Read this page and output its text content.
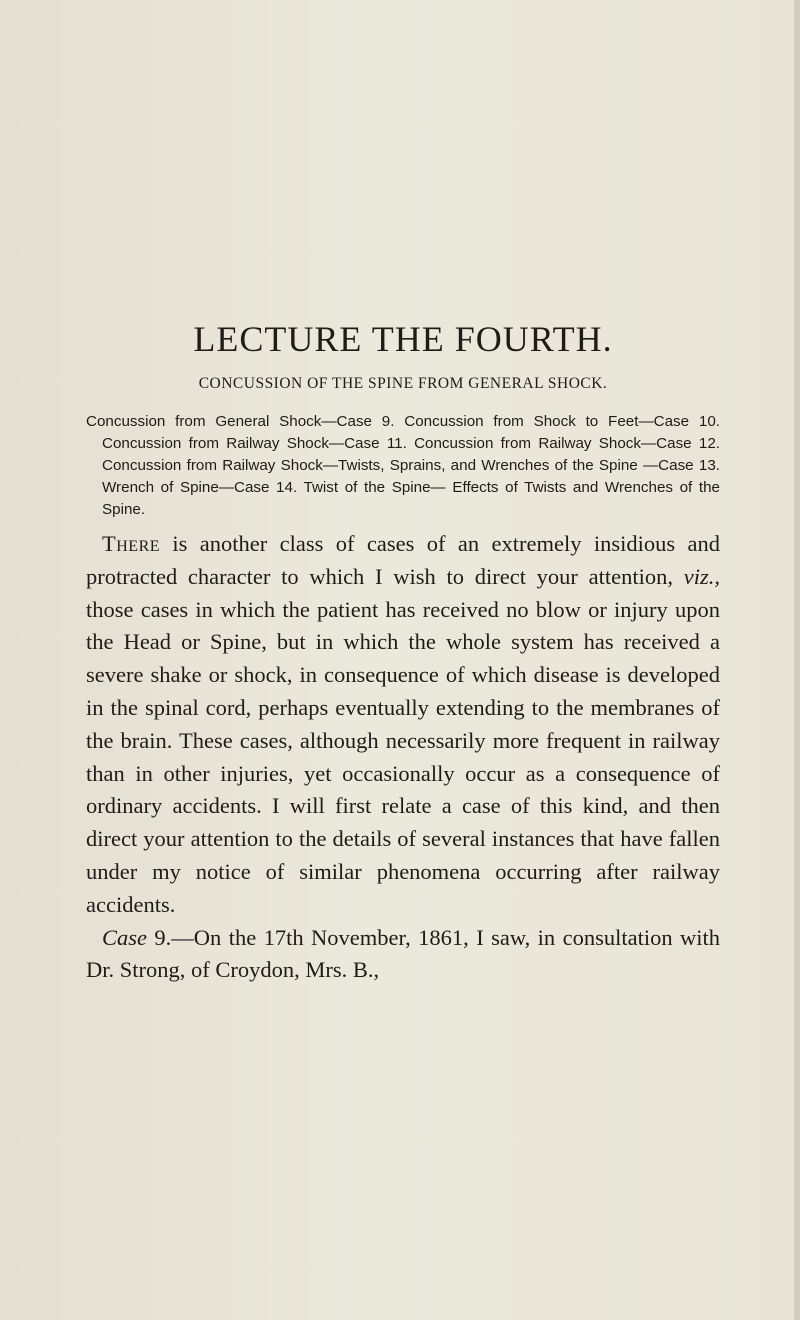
LECTURE THE FOURTH.
CONCUSSION OF THE SPINE FROM GENERAL SHOCK.
Concussion from General Shock—Case 9. Concussion from Shock to Feet—Case 10. Concussion from Railway Shock—Case 11. Concussion from Railway Shock—Case 12. Concussion from Railway Shock—Twists, Sprains, and Wrenches of the Spine —Case 13. Wrench of Spine—Case 14. Twist of the Spine— Effects of Twists and Wrenches of the Spine.

There is another class of cases of an extremely insidious and protracted character to which I wish to direct your attention, viz., those cases in which the patient has received no blow or injury upon the Head or Spine, but in which the whole system has received a severe shake or shock, in consequence of which disease is developed in the spinal cord, perhaps eventually extending to the membranes of the brain. These cases, although necessarily more frequent in railway than in other injuries, yet occasionally occur as a consequence of ordinary accidents. I will first relate a case of this kind, and then direct your attention to the details of several instances that have fallen under my notice of similar phenomena occurring after railway accidents.

Case 9.—On the 17th November, 1861, I saw, in consultation with Dr. Strong, of Croydon, Mrs. B.,
